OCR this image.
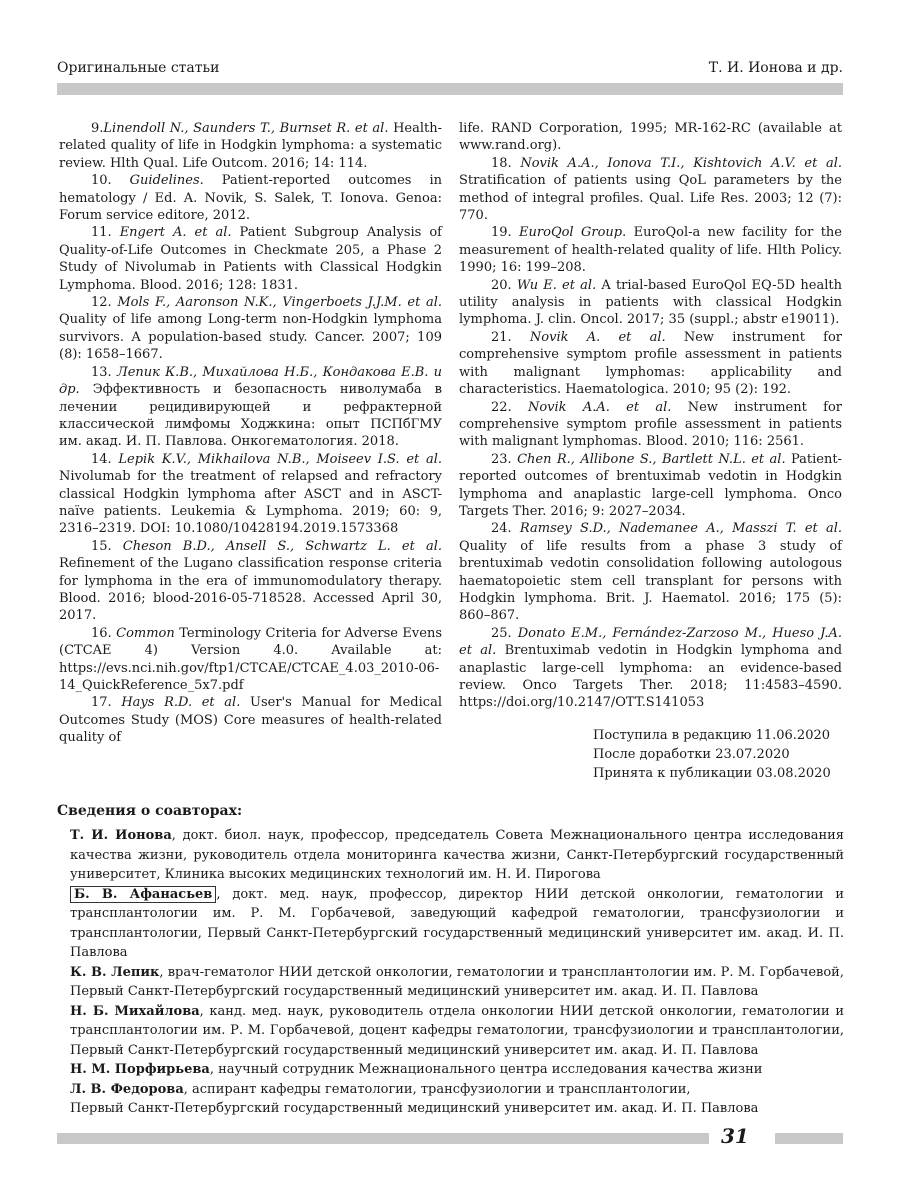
Оригинальные статьи	Т. И. Ионова и др.

9.Linendoll N., Saunders T., Burnset R. et al. Health-related quality of life in Hodgkin lymphoma: a systematic review. Hlth Qual. Life Outcom. 2016; 14: 114.

10. Guidelines. Patient-reported outcomes in hematology / Ed. A. Novik, S. Salek, T. Ionova. Genoa: Forum service editore, 2012.

11. Engert A. et al. Patient Subgroup Analysis of Quality-of-Life Outcomes in Checkmate 205, a Phase 2 Study of Nivolumab in Patients with Classical Hodgkin Lymphoma. Blood. 2016; 128: 1831.

12. Mols F., Aaronson N.K., Vingerboets J.J.M. et al. Quality of life among Long-term non-Hodgkin lymphoma survivors. A population-based study. Cancer. 2007; 109 (8): 1658–1667.

13. Лепик К.В., Михайлова Н.Б., Кондакова Е.В. и др. Эффективность и безопасность ниволумаба в лечении рецидивирующей и рефрактерной классической лимфомы Ходжкина: опыт ПСПбГМУ им. акад. И. П. Павлова. Онкогематология. 2018.

14. Lepik K.V., Mikhailova N.B., Moiseev I.S. et al. Nivolumab for the treatment of relapsed and refractory classical Hodgkin lymphoma after ASCT and in ASCT-naïve patients. Leukemia & Lymphoma. 2019; 60: 9, 2316–2319. DOI: 10.1080/10428194.2019.1573368

15. Cheson B.D., Ansell S., Schwartz L. et al. Refinement of the Lugano classification response criteria for lymphoma in the era of immunomodulatory therapy. Blood. 2016; blood-2016-05-718528. Accessed April 30, 2017.

16. Common Terminology Criteria for Adverse Evens (CTCAE 4) Version 4.0. Available at: https://evs.nci.nih.gov/ftp1/CTCAE/CTCAE_4.03_2010-06-14_QuickReference_5x7.pdf

17. Hays R.D. et al. User's Manual for Medical Outcomes Study (MOS) Core measures of health-related quality of

life. RAND Corporation, 1995; MR-162-RC (available at www.rand.org).

18. Novik A.A., Ionova T.I., Kishtovich A.V. et al. Stratification of patients using QoL parameters by the method of integral profiles. Qual. Life Res. 2003; 12 (7): 770.

19. EuroQol Group. EuroQol-a new facility for the measurement of health-related quality of life. Hlth Policy. 1990; 16: 199–208.

20. Wu E. et al. A trial-based EuroQol EQ-5D health utility analysis in patients with classical Hodgkin lymphoma. J. clin. Oncol. 2017; 35 (suppl.; abstr e19011).

21. Novik A. et al. New instrument for comprehensive symptom profile assessment in patients with malignant lymphomas: applicability and characteristics. Haematologica. 2010; 95 (2): 192.

22. Novik A.A. et al. New instrument for comprehensive symptom profile assessment in patients with malignant lymphomas. Blood. 2010; 116: 2561.

23. Chen R., Allibone S., Bartlett N.L. et al. Patient-reported outcomes of brentuximab vedotin in Hodgkin lymphoma and anaplastic large-cell lymphoma. Onco Targets Ther. 2016; 9: 2027–2034.

24. Ramsey S.D., Nademanee A., Masszi T. et al. Quality of life results from a phase 3 study of brentuximab vedotin consolidation following autologous haematopoietic stem cell transplant for persons with Hodgkin lymphoma. Brit. J. Haematol. 2016; 175 (5): 860–867.

25. Donato E.M., Fernández-Zarzoso M., Hueso J.A. et al. Brentuximab vedotin in Hodgkin lymphoma and anaplastic large-cell lymphoma: an evidence-based review. Onco Targets Ther. 2018; 11:4583–4590. https://doi.org/10.2147/OTT.S141053

Поступила в редакцию 11.06.2020
После доработки 23.07.2020
Принята к публикации 03.08.2020
Сведения о соавторах:

Т. И. Ионова, докт. биол. наук, профессор, председатель Совета Межнационального центра исследования качества жизни, руководитель отдела мониторинга качества жизни, Санкт-Петербургский государственный университет, Клиника высоких медицинских технологий им. Н. И. Пирогова

Б. В. Афанасьев , докт. мед. наук, профессор, директор НИИ детской онкологии, гематологии и трансплантологии им. Р. М. Горбачевой, заведующий кафедрой гематологии, трансфузиологии и трансплантологии, Первый Санкт-Петербургский государственный медицинский университет им. акад. И. П. Павлова

К. В. Лепик, врач-гематолог НИИ детской онкологии, гематологии и трансплантологии им. Р. М. Горбачевой, Первый Санкт-Петербургский государственный медицинский университет им. акад. И. П. Павлова

Н. Б. Михайлова, канд. мед. наук, руководитель отдела онкологии НИИ детской онкологии, гематологии и трансплантологии им. Р. М. Горбачевой, доцент кафедры гематологии, трансфузиологии и трансплантологии, Первый Санкт-Петербургский государственный медицинский университет им. акад. И. П. Павлова

Н. М. Порфирьева, научный сотрудник Межнационального центра исследования качества жизни

Л. В. Федорова, аспирант кафедры гематологии, трансфузиологии и трансплантологии,

Первый Санкт-Петербургский государственный медицинский университет им. акад. И. П. Павлова

31
